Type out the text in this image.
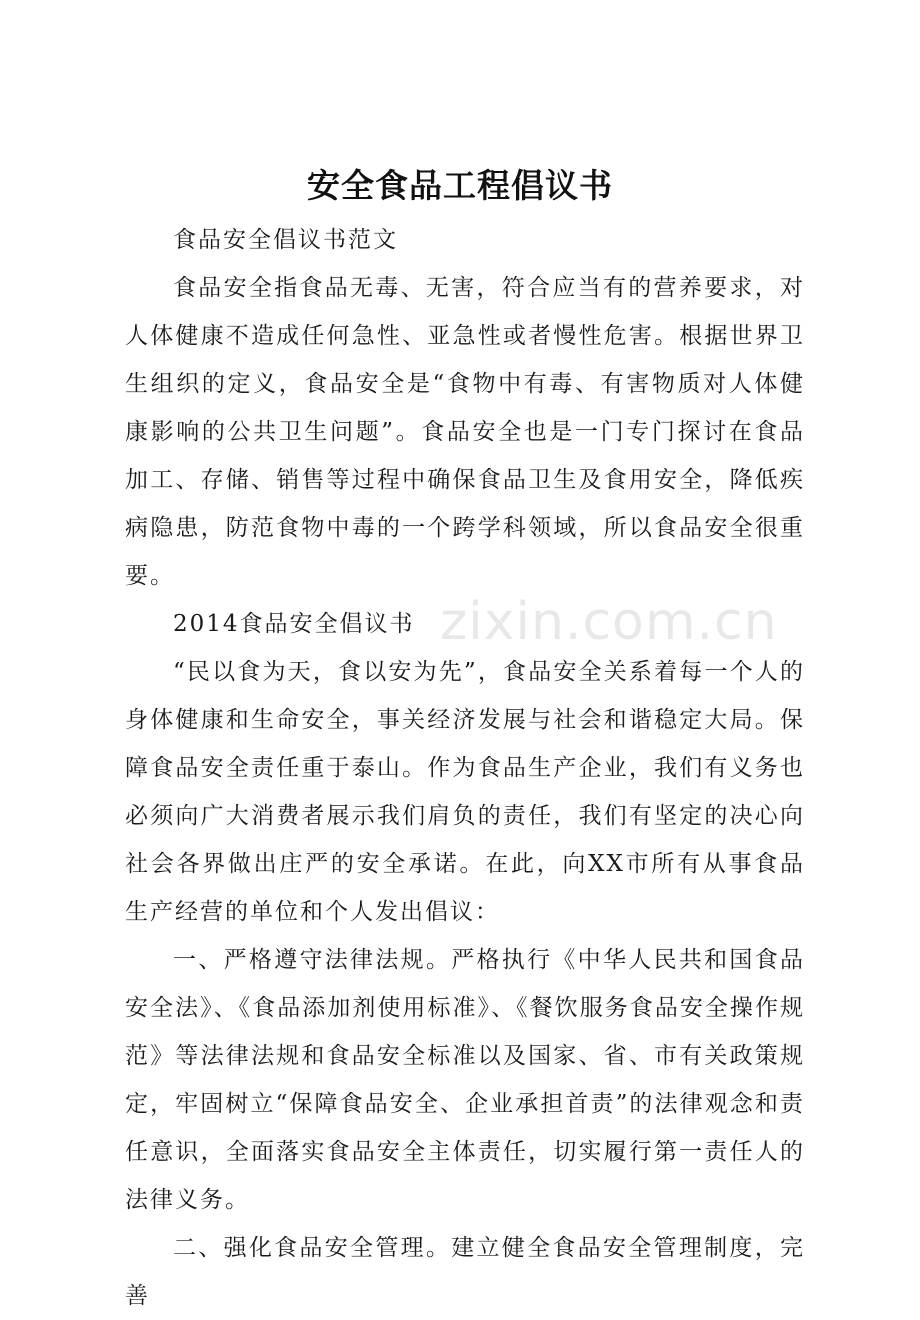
安全食品工程倡议书

食品安全倡议书范文

食品安全指食品无毒、无害，符合应当有的营养要求，对人体健康不造成任何急性、亚急性或者慢性危害。根据世界卫生组织的定义，食品安全是“食物中有毒、有害物质对人体健康影响的公共卫生问题”。食品安全也是一门专门探讨在食品加工、存储、销售等过程中确保食品卫生及食用安全，降低疾病隐患，防范食物中毒的一个跨学科领域，所以食品安全很重要。

2014食品安全倡议书

“民以食为天，食以安为先”，食品安全关系着每一个人的身体健康和生命安全，事关经济发展与社会和谐稳定大局。保障食品安全责任重于泰山。作为食品生产企业，我们有义务也必须向广大消费者展示我们肩负的责任，我们有坚定的决心向社会各界做出庄严的安全承诺。在此，向XX市所有从事食品生产经营的单位和个人发出倡议：

一、严格遵守法律法规。严格执行《中华人民共和国食品安全法》、《食品添加剂使用标准》、《餐饮服务食品安全操作规范》等法律法规和食品安全标准以及国家、省、市有关政策规定，牢固树立“保障食品安全、企业承担首责”的法律观念和责任意识，全面落实食品安全主体责任，切实履行第一责任人的法律义务。

二、强化食品安全管理。建立健全食品安全管理制度，完善

zixin.com.cn
